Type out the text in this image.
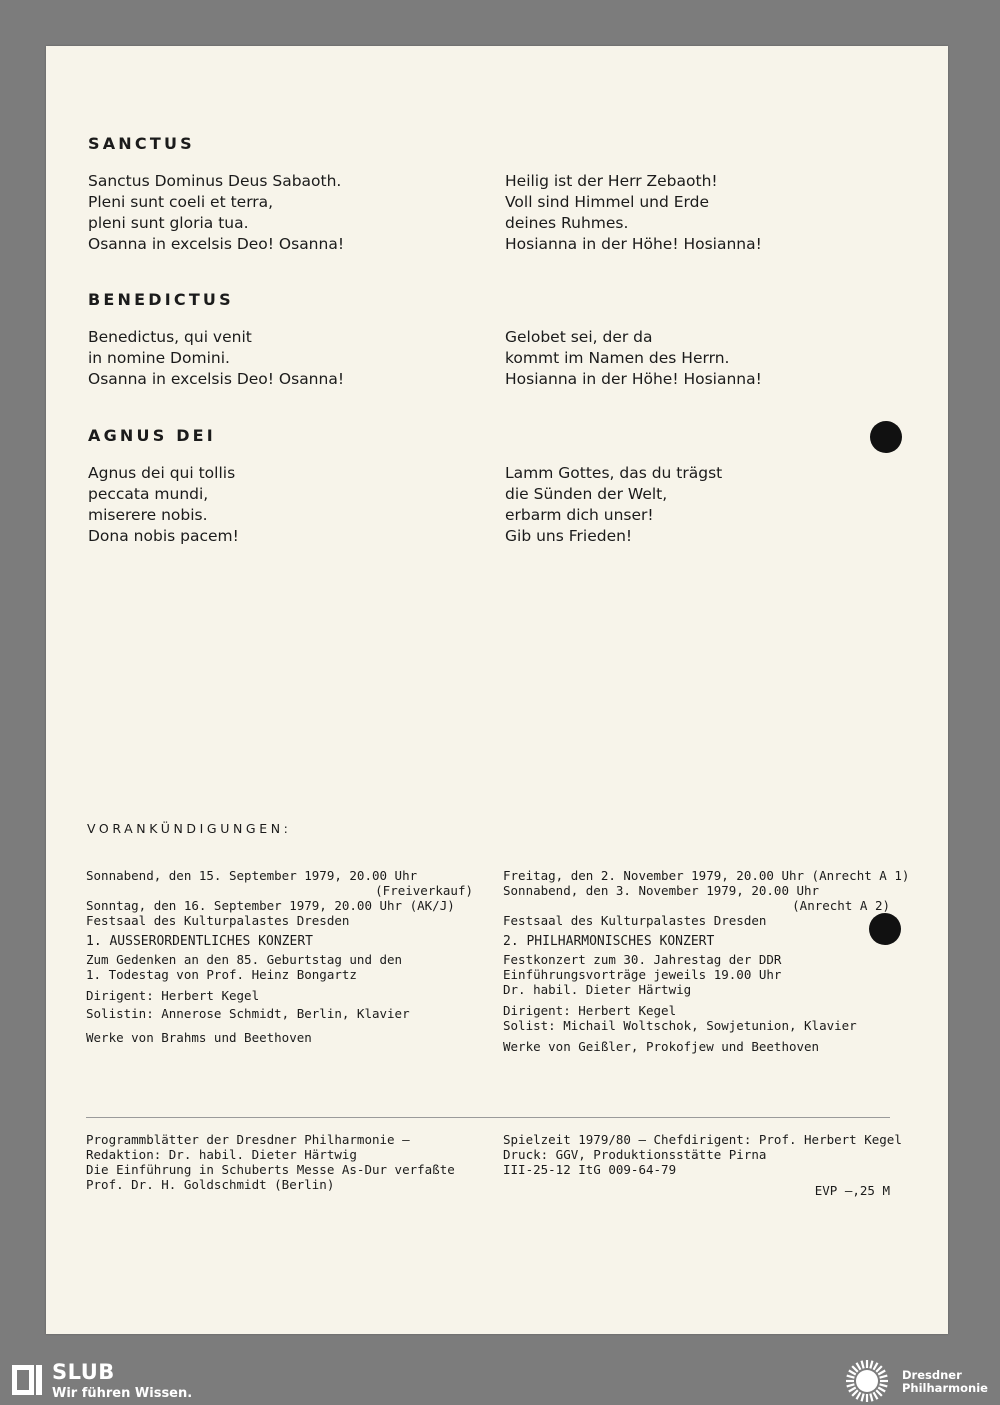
SANCTUS
Sanctus Dominus Deus Sabaoth.
Pleni sunt coeli et terra,
pleni sunt gloria tua.
Osanna in excelsis Deo! Osanna!
Heilig ist der Herr Zebaoth!
Voll sind Himmel und Erde
deines Ruhmes.
Hosianna in der Höhe! Hosianna!
BENEDICTUS
Benedictus, qui venit
in nomine Domini.
Osanna in excelsis Deo! Osanna!
Gelobet sei, der da
kommt im Namen des Herrn.
Hosianna in der Höhe! Hosianna!
AGNUS DEI
Agnus dei qui tollis
peccata mundi,
miserere nobis.
Dona nobis pacem!
Lamm Gottes, das du trägst
die Sünden der Welt,
erbarm dich unser!
Gib uns Frieden!
VORANKÜNDIGUNGEN:
Sonnabend, den 15. September 1979, 20.00 Uhr
(Freiverkauf)
Sonntag, den 16. September 1979, 20.00 Uhr (AK/J)
Festsaal des Kulturpalastes Dresden
1. AUSSERORDENTLICHES KONZERT
Zum Gedenken an den 85. Geburtstag und den
1. Todestag von Prof. Heinz Bongartz
Dirigent: Herbert Kegel
Solistin: Annerose Schmidt, Berlin, Klavier
Werke von Brahms und Beethoven
Freitag, den 2. November 1979, 20.00 Uhr (Anrecht A 1)
Sonnabend, den 3. November 1979, 20.00 Uhr
(Anrecht A 2)
Festsaal des Kulturpalastes Dresden
2. PHILHARMONISCHES KONZERT
Festkonzert zum 30. Jahrestag der DDR
Einführungsvorträge jeweils 19.00 Uhr
Dr. habil. Dieter Härtwig
Dirigent: Herbert Kegel
Solist: Michail Woltschok, Sowjetunion, Klavier
Werke von Geißler, Prokofjew und Beethoven
Programmblätter der Dresdner Philharmonie —
Redaktion: Dr. habil. Dieter Härtwig
Die Einführung in Schuberts Messe As-Dur verfaßte
Prof. Dr. H. Goldschmidt (Berlin)
Spielzeit 1979/80 — Chefdirigent: Prof. Herbert Kegel
Druck: GGV, Produktionsstätte Pirna
III-25-12 ItG 009-64-79
EVP —,25 M
SLUB
Wir führen Wissen.
Dresdner
Philharmonie
